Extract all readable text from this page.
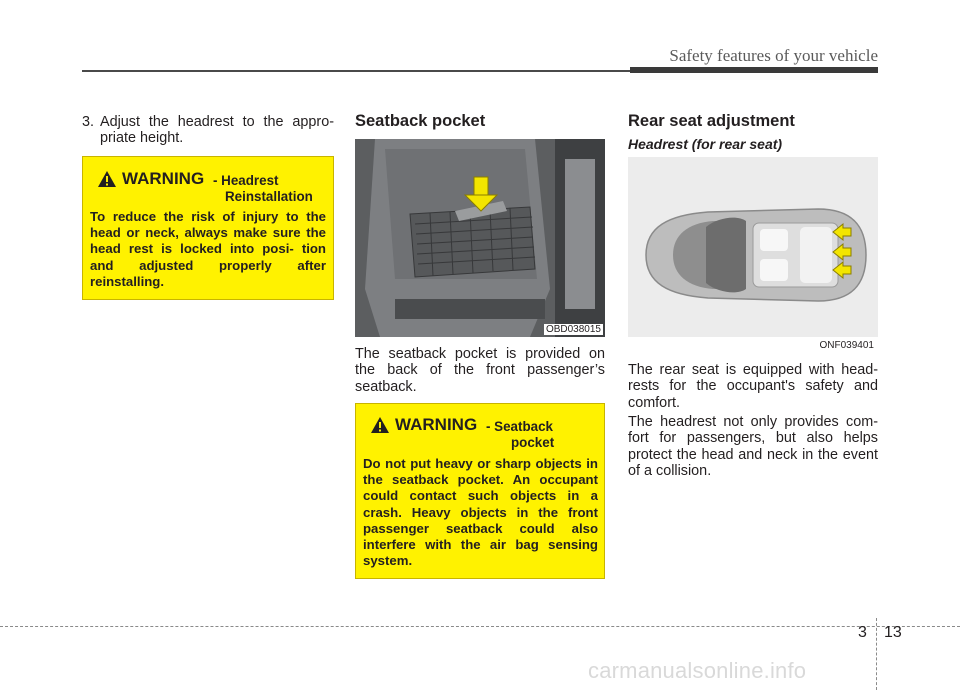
Safety features of your vehicle
3. Adjust the headrest to the appro- priate height.
WARNING - Headrest
Reinstallation
To reduce the risk of injury to the head or neck, always make sure the head rest is locked into posi- tion and adjusted properly after reinstalling.
Seatback pocket
OBD038015
The seatback pocket is provided on the back of the front passenger’s seatback.
WARNING - Seatback
pocket
Do not put heavy or sharp objects in the seatback pocket. An occupant could contact such objects in a crash. Heavy objects in the front passenger seatback could also interfere with the air bag sensing system.
Rear seat adjustment
Headrest (for rear seat)
ONF039401
The rear seat is equipped with head- rests for the occupant's safety and comfort.
The headrest not only provides com- fort for passengers, but also helps protect the head and neck in the event of a collision.
3 13
carmanualsonline.info
